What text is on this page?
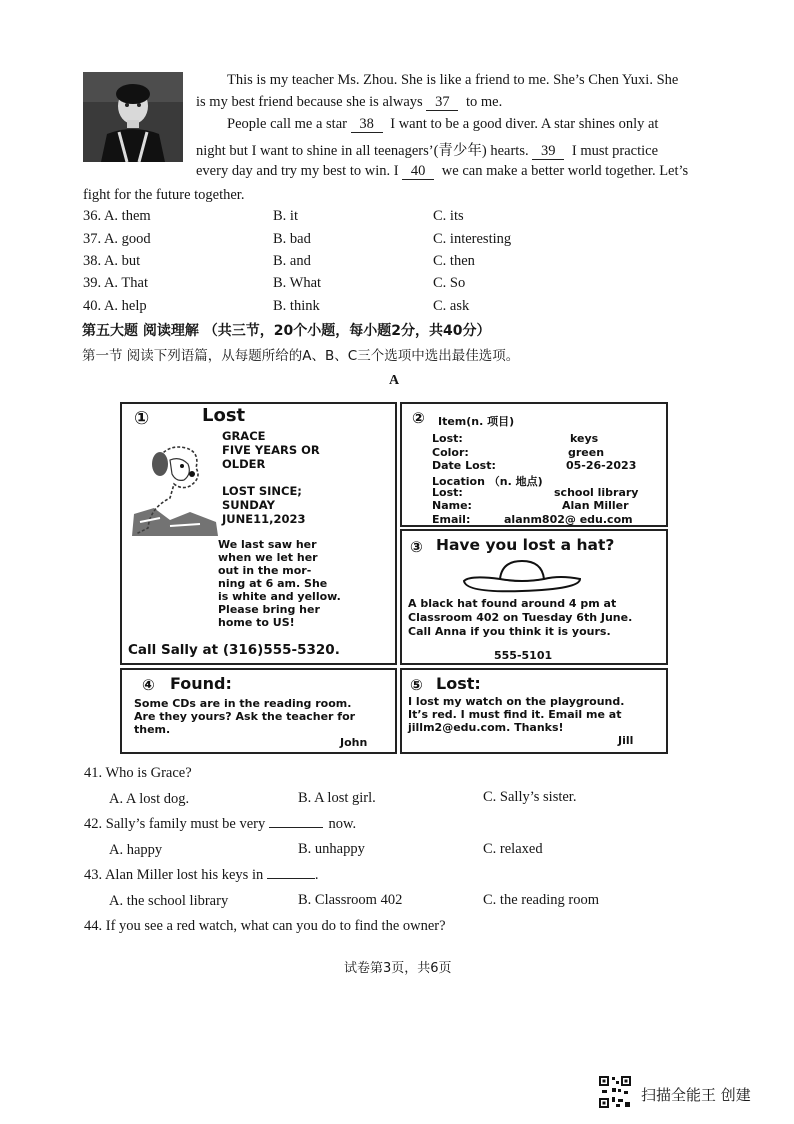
This is my teacher Ms. Zhou. She is like a friend to me. She’s Chen Yuxi. She
is my best friend because she is always 37 to me.
People call me a star 38 I want to be a good diver. A star shines only at
night but I want to shine in all teenagers’(青少年) hearts. 39 I must practice
every day and try my best to win. I 40 we can make a better world together. Let’s
fight for the future together.
36. A. them	B. it	C. its
37. A. good	B. bad	C. interesting
38. A. but	B. and	C. then
39. A. That	B. What	C. So
40. A. help	B. think	C. ask
第五大题 阅读理解 （共三节，20个小题，每小题2分，共40分）
第一节 阅读下列语篇，从每题所给的A、B、C三个选项中选出最佳选项。
A
①	Lost
GRACE
FIVE YEARS OR
OLDER
LOST SINCE;
SUNDAY
JUNE11,2023
We last saw her
when we let her
out in the mor-
ning at 6 am. She
is white and yellow.
Please bring her
home to US!
Call Sally at (316)555-5320.
② Item(n. 项目)
Lost:	keys
Color:	green
Date Lost:	05-26-2023
Location （n. 地点)
Lost:	school library
Name:	Alan Miller
Email:	alanm802@ edu.com
③ Have you lost a hat?
A black hat found around 4 pm at
Classroom 402 on Tuesday 6th June.
Call Anna if you think it is yours.
555-5101
④ Found:
Some CDs are in the reading room.
Are they yours? Ask the teacher for
them.
John
⑤ Lost:
I lost my watch on the playground.
It’s red. I must find it. Email me at
jillm2@edu.com. Thanks!
Jill
41. Who is Grace?
A. A lost dog.	B. A lost girl.	C. Sally’s sister.
42. Sally’s family must be very	now.
A. happy	B. unhappy	C. relaxed
43. Alan Miller lost his keys in	.
A. the school library	B. Classroom 402	C. the reading room
44. If you see a red watch, what can you do to find the owner?
试卷第3页，共6页
扫描全能王 创建
